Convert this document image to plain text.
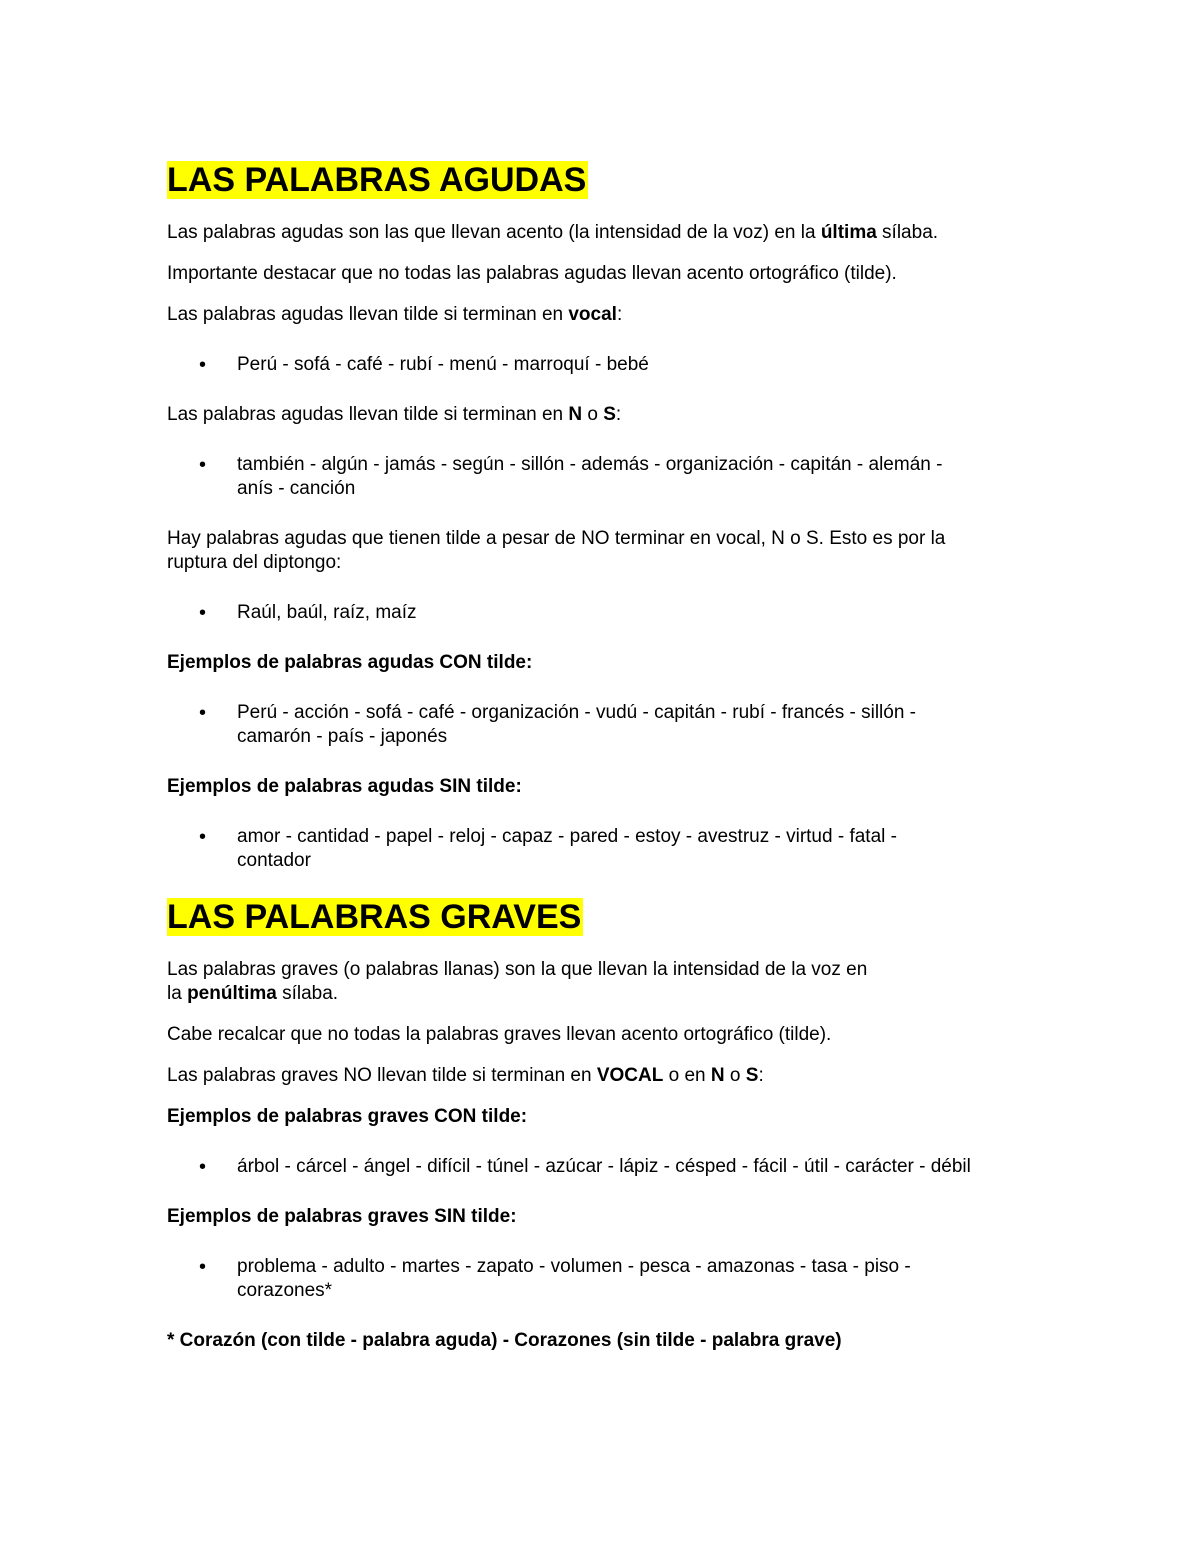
LAS PALABRAS AGUDAS

Las palabras agudas son las que llevan acento (la intensidad de la voz) en la última sílaba.

Importante destacar que no todas las palabras agudas llevan acento ortográfico (tilde).

Las palabras agudas llevan tilde si terminan en vocal:

• Perú - sofá - café - rubí - menú - marroquí - bebé

Las palabras agudas llevan tilde si terminan en N o S:

• también - algún - jamás - según - sillón - además - organización - capitán - alemán -
anís - canción

Hay palabras agudas que tienen tilde a pesar de NO terminar en vocal, N o S. Esto es por la
ruptura del diptongo:

• Raúl, baúl, raíz, maíz

Ejemplos de palabras agudas CON tilde:

• Perú - acción - sofá - café - organización - vudú - capitán - rubí - francés - sillón -
camarón - país - japonés

Ejemplos de palabras agudas SIN tilde:

• amor - cantidad - papel - reloj - capaz - pared - estoy - avestruz - virtud - fatal -
contador
LAS PALABRAS GRAVES

Las palabras graves (o palabras llanas) son la que llevan la intensidad de la voz en
la penúltima sílaba.

Cabe recalcar que no todas la palabras graves llevan acento ortográfico (tilde).

Las palabras graves NO llevan tilde si terminan en VOCAL o en N o S:

Ejemplos de palabras graves CON tilde:

• árbol - cárcel - ángel - difícil - túnel - azúcar - lápiz - césped - fácil - útil - carácter - débil

Ejemplos de palabras graves SIN tilde:

• problema - adulto - martes - zapato - volumen - pesca - amazonas - tasa - piso -
corazones*

* Corazón (con tilde - palabra aguda) - Corazones (sin tilde - palabra grave)
